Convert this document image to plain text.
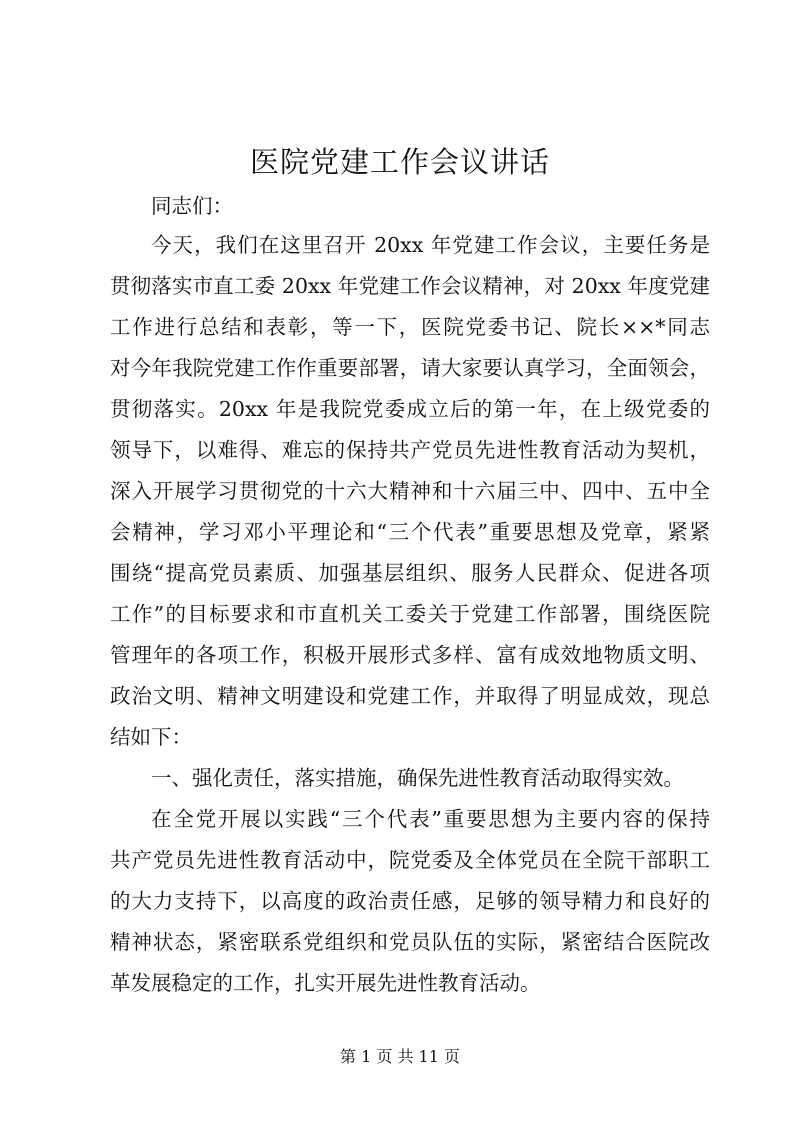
医院党建工作会议讲话
同志们：
今天，我们在这里召开 20xx 年党建工作会议，主要任务是
贯彻落实市直工委 20xx 年党建工作会议精神，对 20xx 年度党建
工作进行总结和表彰，等一下，医院党委书记、院长××*同志
对今年我院党建工作作重要部署，请大家要认真学习，全面领会，
贯彻落实。20xx 年是我院党委成立后的第一年，在上级党委的
领导下，以难得、难忘的保持共产党员先进性教育活动为契机，
深入开展学习贯彻党的十六大精神和十六届三中、四中、五中全
会精神，学习邓小平理论和“三个代表”重要思想及党章，紧紧
围绕“提高党员素质、加强基层组织、服务人民群众、促进各项
工作”的目标要求和市直机关工委关于党建工作部署，围绕医院
管理年的各项工作，积极开展形式多样、富有成效地物质文明、
政治文明、精神文明建设和党建工作，并取得了明显成效，现总
结如下：
一、强化责任，落实措施，确保先进性教育活动取得实效。
在全党开展以实践“三个代表”重要思想为主要内容的保持
共产党员先进性教育活动中，院党委及全体党员在全院干部职工
的大力支持下，以高度的政治责任感，足够的领导精力和良好的
精神状态，紧密联系党组织和党员队伍的实际，紧密结合医院改
革发展稳定的工作，扎实开展先进性教育活动。
第 1 页 共 11 页
